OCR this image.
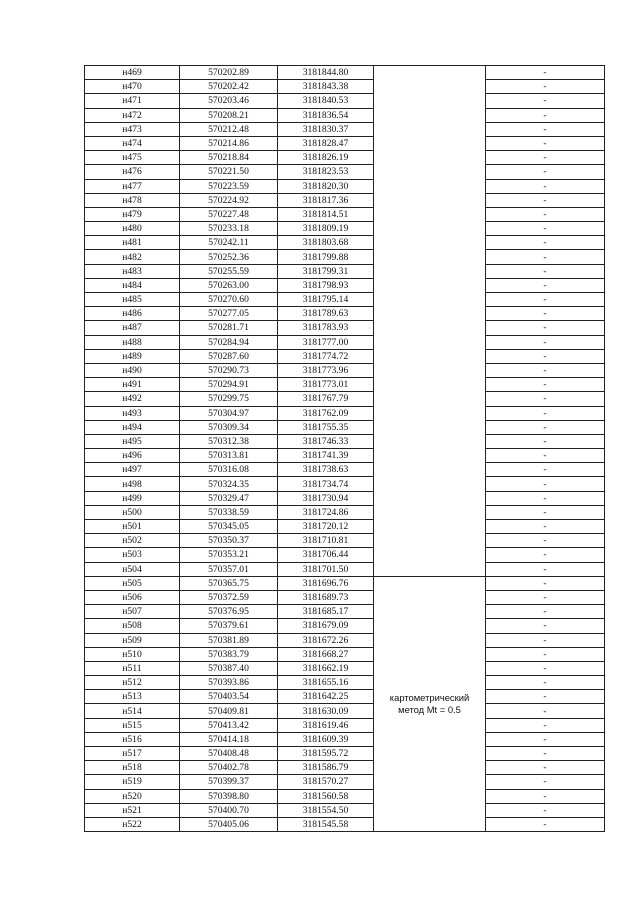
н469	570202.89	3181844.80		-
н470	570202.42	3181843.38		-
н471	570203.46	3181840.53		-
н472	570208.21	3181836.54		-
н473	570212.48	3181830.37		-
н474	570214.86	3181828.47		-
н475	570218.84	3181826.19		-
н476	570221.50	3181823.53		-
н477	570223.59	3181820.30		-
н478	570224.92	3181817.36		-
н479	570227.48	3181814.51		-
н480	570233.18	3181809.19		-
н481	570242.11	3181803.68		-
н482	570252.36	3181799.88		-
н483	570255.59	3181799.31		-
н484	570263.00	3181798.93		-
н485	570270.60	3181795.14		-
н486	570277.05	3181789.63		-
н487	570281.71	3181783.93		-
н488	570284.94	3181777.00		-
н489	570287.60	3181774.72		-
н490	570290.73	3181773.96		-
н491	570294.91	3181773.01		-
н492	570299.75	3181767.79		-
н493	570304.97	3181762.09		-
н494	570309.34	3181755.35		-
н495	570312.38	3181746.33		-
н496	570313.81	3181741.39		-
н497	570316.08	3181738.63		-
н498	570324.35	3181734.74		-
н499	570329.47	3181730.94		-
н500	570338.59	3181724.86		-
н501	570345.05	3181720.12		-
н502	570350.37	3181710.81		-
н503	570353.21	3181706.44		-
н504	570357.01	3181701.50		-
н505	570365.75	3181696.76	картометрический
метод Mt = 0.5	-
н506	570372.59	3181689.73		-
н507	570376.95	3181685.17		-
н508	570379.61	3181679.09		-
н509	570381.89	3181672.26		-
н510	570383.79	3181668.27		-
н511	570387.40	3181662.19		-
н512	570393.86	3181655.16		-
н513	570403.54	3181642.25		-
н514	570409.81	3181630.09		-
н515	570413.42	3181619.46		-
н516	570414.18	3181609.39		-
н517	570408.48	3181595.72		-
н518	570402.78	3181586.79		-
н519	570399.37	3181570.27		-
н520	570398.80	3181560.58		-
н521	570400.70	3181554.50		-
н522	570405.06	3181545.58		-
